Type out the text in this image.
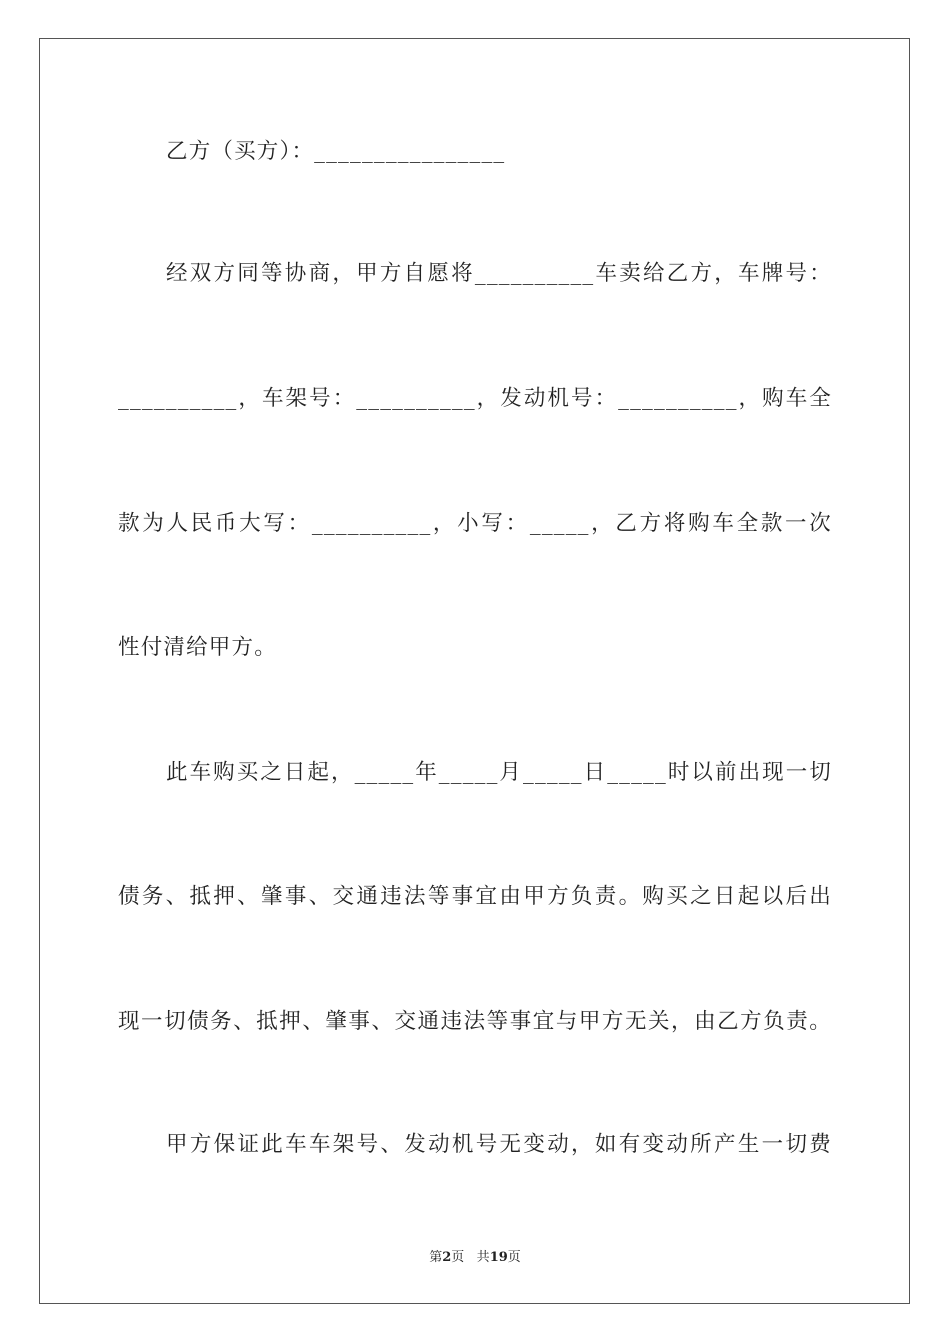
乙方（买方）：________________
经双方同等协商，甲方自愿将__________车卖给乙方，车牌号：
__________，车架号：__________，发动机号：__________，购车全
款为人民币大写：__________，小写：_____，乙方将购车全款一次
性付清给甲方。
此车购买之日起，_____年_____月_____日_____时以前出现一切
债务、抵押、肇事、交通违法等事宜由甲方负责。购买之日起以后出
现一切债务、抵押、肇事、交通违法等事宜与甲方无关，由乙方负责。
甲方保证此车车架号、发动机号无变动，如有变动所产生一切费
第2页 共19页
